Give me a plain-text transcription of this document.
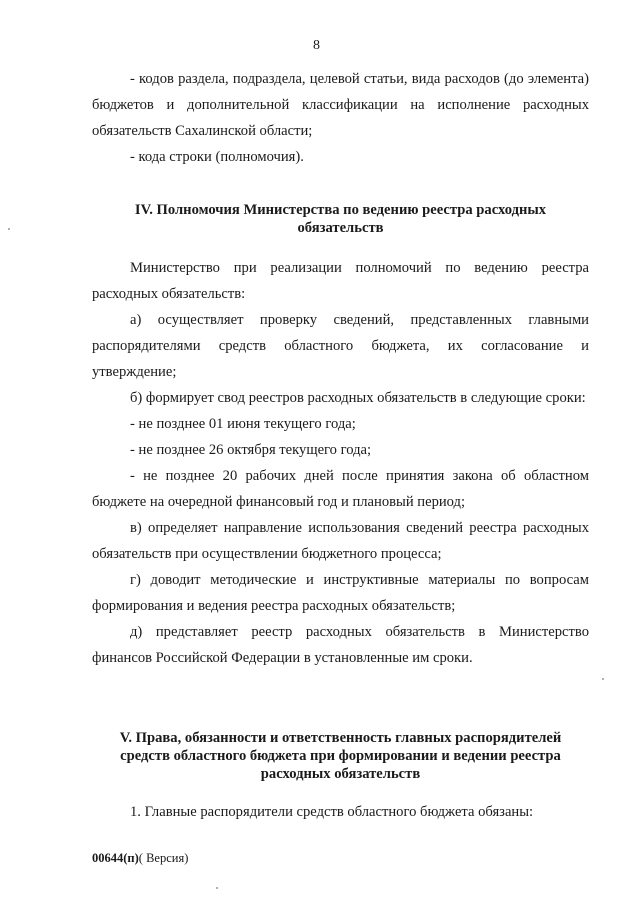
8

- кодов раздела, подраздела, целевой статьи, вида расходов (до элемента) бюджетов и дополнительной классификации на исполнение расходных обязательств Сахалинской области;

- кода строки (полномочия).

IV. Полномочия Министерства по ведению реестра расходных
обязательств

Министерство при реализации полномочий по ведению реестра расходных обязательств:

а) осуществляет проверку сведений, представленных главными распорядителями средств областного бюджета, их согласование и утверждение;

б) формирует свод реестров расходных обязательств в следующие сроки:

- не позднее 01 июня текущего года;

- не позднее 26 октября текущего года;

- не позднее 20 рабочих дней после принятия закона об областном бюджете на очередной финансовый год и плановый период;

в) определяет направление использования сведений реестра расходных обязательств при осуществлении бюджетного процесса;

г) доводит методические и инструктивные материалы по вопросам формирования и ведения реестра расходных обязательств;

д) представляет реестр расходных обязательств в Министерство финансов Российской Федерации в установленные им сроки.

V. Права, обязанности и ответственность главных распорядителей
средств областного бюджета при формировании и ведении реестра
расходных обязательств

1. Главные распорядители средств областного бюджета обязаны:

00644(п)( Версия)
